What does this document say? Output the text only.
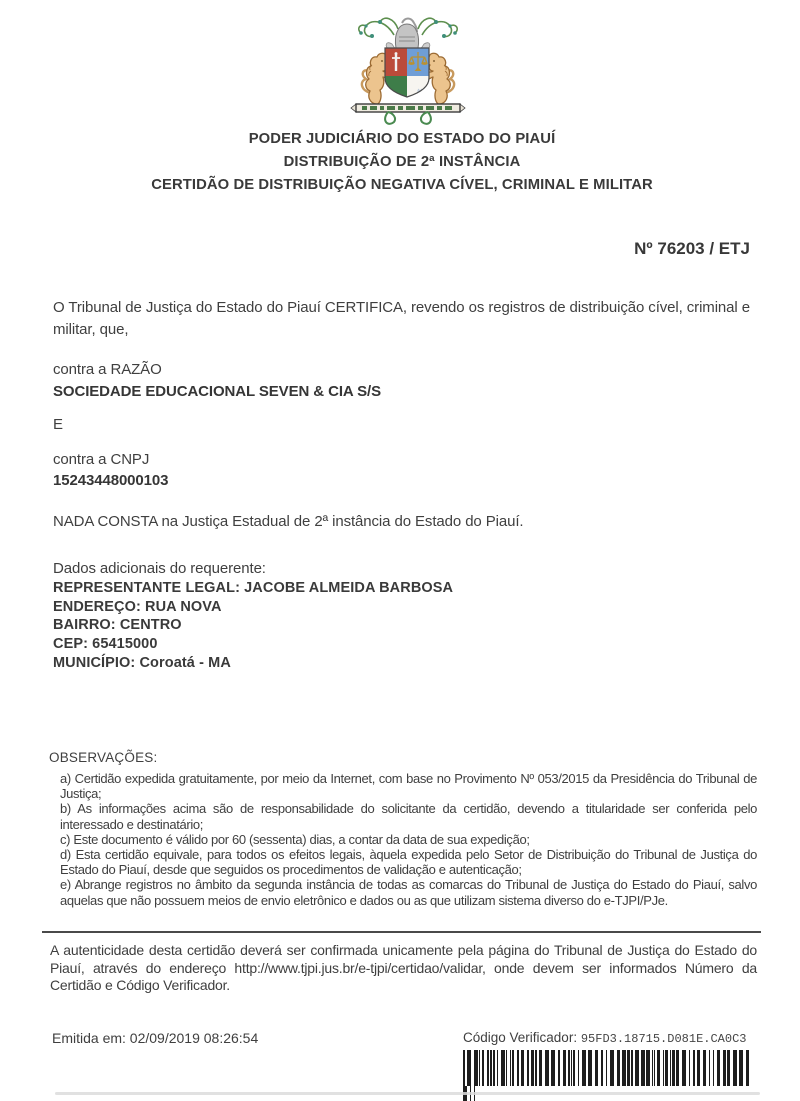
PODER JUDICIÁRIO DO ESTADO DO PIAUÍ
DISTRIBUIÇÃO DE 2ª INSTÂNCIA
CERTIDÃO DE DISTRIBUIÇÃO NEGATIVA CÍVEL, CRIMINAL E MILITAR
Nº 76203 / ETJ

O Tribunal de Justiça do Estado do Piauí CERTIFICA, revendo os registros de distribuição cível, criminal e militar, que,

contra a RAZÃO
SOCIEDADE EDUCACIONAL SEVEN & CIA S/S
E
contra a CNPJ
15243448000103
NADA CONSTA na Justiça Estadual de 2ª instância do Estado do Piauí.
Dados adicionais do requerente:
REPRESENTANTE LEGAL: JACOBE ALMEIDA BARBOSA
ENDEREÇO: RUA NOVA
BAIRRO: CENTRO
CEP: 65415000
MUNICÍPIO: Coroatá - MA
OBSERVAÇÕES:

a) Certidão expedida gratuitamente, por meio da Internet, com base no Provimento Nº 053/2015 da Presidência do Tribunal de Justiça;

b) As informações acima são de responsabilidade do solicitante da certidão, devendo a titularidade ser conferida pelo interessado e destinatário;

c) Este documento é válido por 60 (sessenta) dias, a contar da data de sua expedição;

d) Esta certidão equivale, para todos os efeitos legais, àquela expedida pelo Setor de Distribuição do Tribunal de Justiça do Estado do Piauí, desde que seguidos os procedimentos de validação e autenticação;

e) Abrange registros no âmbito da segunda instância de todas as comarcas do Tribunal de Justiça do Estado do Piauí, salvo aquelas que não possuem meios de envio eletrônico e dados ou as que utilizam sistema diverso do e-TJPI/PJe.

A autenticidade desta certidão deverá ser confirmada unicamente pela página do Tribunal de Justiça do Estado do Piauí, através do endereço http://www.tjpi.jus.br/e-tjpi/certidao/validar, onde devem ser informados Número da Certidão e Código Verificador.

Emitida em: 02/09/2019 08:26:54	Código Verificador: 95FD3.18715.D081E.CA0C3
